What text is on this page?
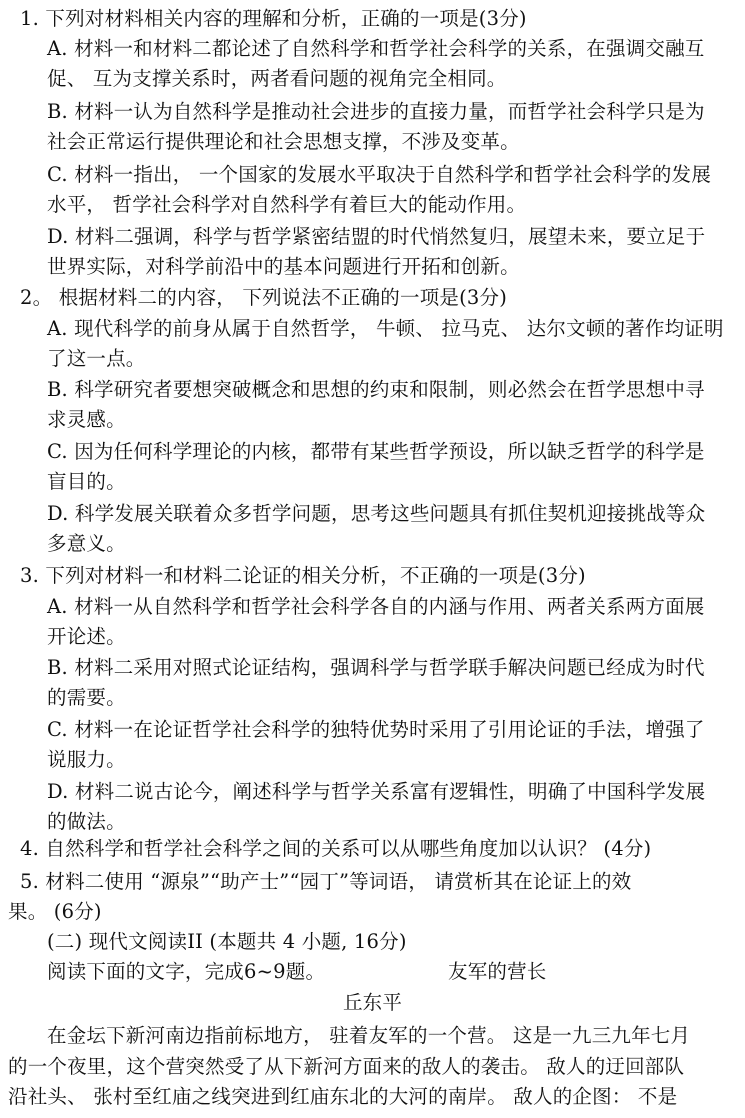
1. 下列对材料相关内容的理解和分析，正确的一项是(3分)
A. 材料一和材料二都论述了自然科学和哲学社会科学的关系，在强调交融互
促、 互为支撑关系时，两者看问题的视角完全相同。
B. 材料一认为自然科学是推动社会进步的直接力量，而哲学社会科学只是为
社会正常运行提供理论和社会思想支撑，不涉及变革。
C. 材料一指出， 一个国家的发展水平取决于自然科学和哲学社会科学的发展
水平， 哲学社会科学对自然科学有着巨大的能动作用。
D. 材料二强调，科学与哲学紧密结盟的时代悄然复归，展望未来，要立足于
世界实际，对科学前沿中的基本问题进行开拓和创新。
2。 根据材料二的内容， 下列说法不正确的一项是(3分)
A. 现代科学的前身从属于自然哲学， 牛顿、 拉马克、 达尔文顿的著作均证明
了这一点。
B. 科学研究者要想突破概念和思想的约束和限制，则必然会在哲学思想中寻
求灵感。
C. 因为任何科学理论的内核，都带有某些哲学预设，所以缺乏哲学的科学是
盲目的。
D. 科学发展关联着众多哲学问题，思考这些问题具有抓住契机迎接挑战等众
多意义。
3. 下列对材料一和材料二论证的相关分析，不正确的一项是(3分)
A. 材料一从自然科学和哲学社会科学各自的内涵与作用、两者关系两方面展
开论述。
B. 材料二采用对照式论证结构，强调科学与哲学联手解决问题已经成为时代
的需要。
C. 材料一在论证哲学社会科学的独特优势时采用了引用论证的手法，增强了
说服力。
D. 材料二说古论今，阐述科学与哲学关系富有逻辑性，明确了中国科学发展
的做法。
4. 自然科学和哲学社会科学之间的关系可以从哪些角度加以认识？ (4分)
5. 材料二使用 “源泉”“助产士”“园丁”等词语， 请赏析其在论证上的效
果。 (6分)
(二) 现代文阅读II (本题共 4 小题, 16分)
阅读下面的文字，完成6~9题。	友军的营长
丘东平
在金坛下新河南边指前标地方， 驻着友军的一个营。 这是一九三九年七月
的一个夜里，这个营突然受了从下新河方面来的敌人的袭击。 敌人的迂回部队
沿社头、 张村至红庙之线突进到红庙东北的大河的南岸。 敌人的企图： 不是
